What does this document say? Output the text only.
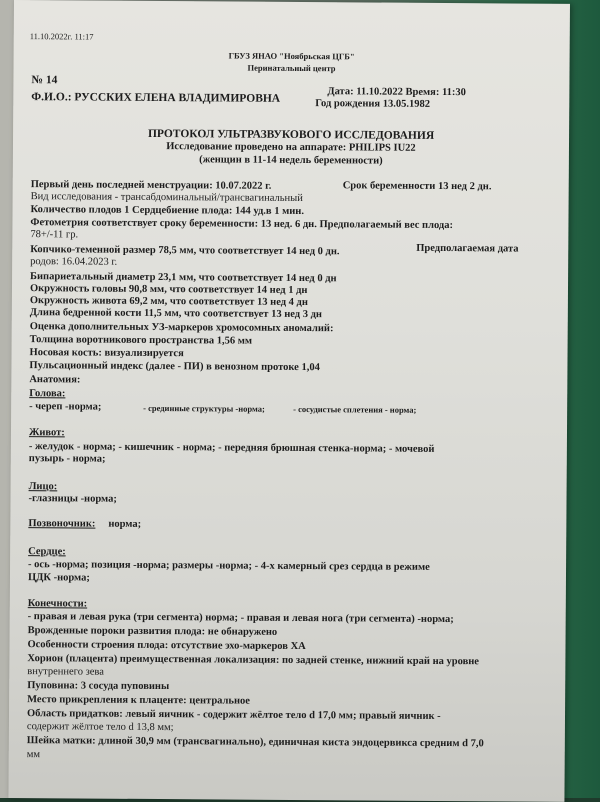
11.10.2022г. 11:17
ГБУЗ ЯНАО "Ноябрьская ЦГБ"
Перинатальный центр
№ 14
Ф.И.О.: РУССКИХ ЕЛЕНА ВЛАДИМИРОВНА	Дата: 11.10.2022 Время: 11:30
Год рождения 13.05.1982
ПРОТОКОЛ УЛЬТРАЗВУКОВОГО ИССЛЕДОВАНИЯ
Исследование проведено на аппарате: PHILIPS IU22
(женщин в 11-14 недель беременности)
Первый день последней менструации: 10.07.2022 г.	Срок беременности 13 нед 2 дн.
Вид исследования - трансабдоминальный/трансвагинальный
Количество плодов 1 Сердцебиение плода: 144 уд.в 1 мин.
Фетометрия соответствует сроку беременности: 13 нед. 6 дн. Предполагаемый вес плода:
78+/-11 гр.
Копчико-теменной размер 78,5 мм, что соответствует 14 нед 0 дн.	Предполагаемая дата
родов: 16.04.2023 г.
Бипариетальный диаметр 23,1 мм, что соответствует 14 нед 0 дн
Окружность головы 90,8 мм, что соответствует 14 нед 1 дн
Окружность живота 69,2 мм, что соответствует 13 нед 4 дн
Длина бедренной кости 11,5 мм, что соответствует 13 нед 3 дн
Оценка дополнительных УЗ-маркеров хромосомных аномалий:
Толщина воротникового пространства 1,56 мм
Носовая кость: визуализируется
Пульсационный индекс (далее - ПИ) в венозном протоке 1,04
Анатомия:
Голова:
- череп -норма;	- срединные структуры -норма;	- сосудистые сплетения - норма;
Живот:
- желудок - норма; - кишечник - норма; - передняя брюшная стенка-норма; - мочевой
пузырь - норма;
Лицо:
-глазницы -норма;
Позвоночник: норма;
Сердце:
- ось -норма; позиция -норма; размеры -норма; - 4-х камерный срез сердца в режиме
ЦДК -норма;
Конечности:
- правая и левая рука (три сегмента) норма; - правая и левая нога (три сегмента) -норма;
Врожденные пороки развития плода: не обнаружено
Особенности строения плода: отсутствие эхо-маркеров ХА
Хорион (плацента) преимущественная локализация: по задней стенке, нижний край на уровне
внутреннего зева
Пуповина: 3 сосуда пуповины
Место прикрепления к плаценте: центральное
Область придатков: левый яичник - содержит жёлтое тело d 17,0 мм; правый яичник -
содержит жёлтое тело d 13,8 мм;
Шейка матки: длиной 30,9 мм (трансвагинально), единичная киста эндоцервикса средним d 7,0
мм
